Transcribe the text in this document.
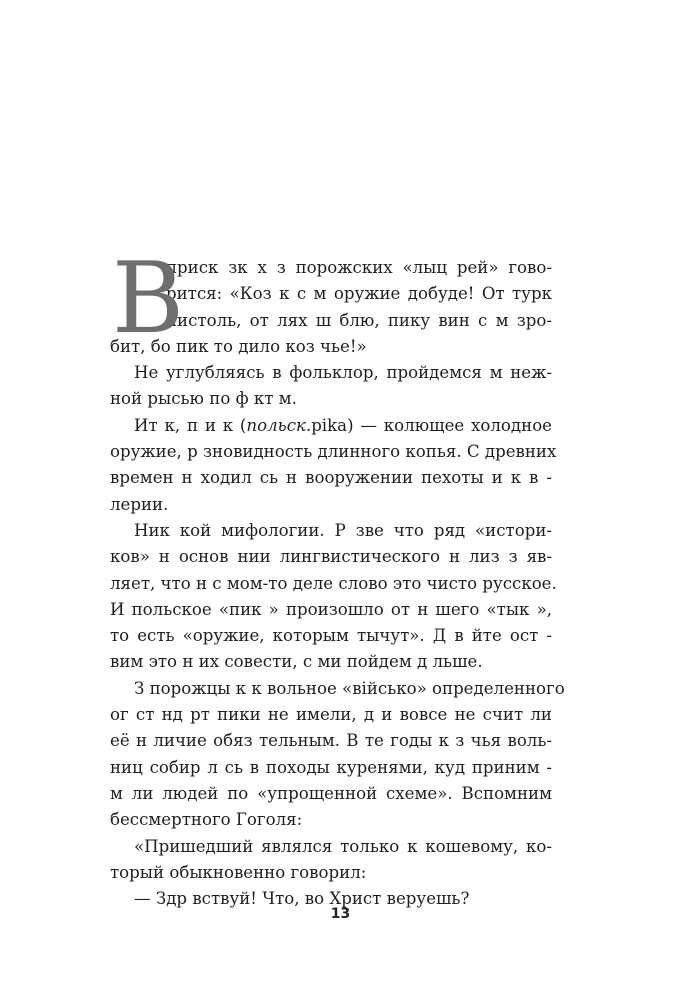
В
приск зк х з порожских «лыц рей» гово-
рится: «Коз к с м оружие добуде! От турк
пистоль, от лях ш блю, пику вин с м зро-
бит, бо пик то дило коз чье!»
Не углубляясь в фольклор, пройдемся м неж-
ной рысью по ф кт м.
Ит к, п и к (польск.pika) — колющее холодное
оружие, р зновидность длинного копья. С древних
времен н ходил сь н вооружении пехоты и к в -
лерии.
Ник кой мифологии. Р зве что ряд «истори-
ков» н основ нии лингвистического н лиз з яв-
ляет, что н с мом-то деле слово это чисто русское.
И польское «пик » произошло от н шего «тык »,
то есть «оружие, которым тычут». Д в йте ост -
вим это н их совести, с ми пойдем д льше.
З порожцы к к вольное «військо» определенного
ог ст нд рт пики не имели, д и вовсе не счит ли
её н личие обяз тельным. В те годы к з чья воль-
ниц собир л сь в походы куренями, куд приним -
м ли людей по «упрощенной схеме». Вспомним
бессмертного Гоголя:
«Пришедший являлся только к кошевому, ко-
торый обыкновенно говорил:
— Здр вствуй! Что, во Христ веруешь?
13
